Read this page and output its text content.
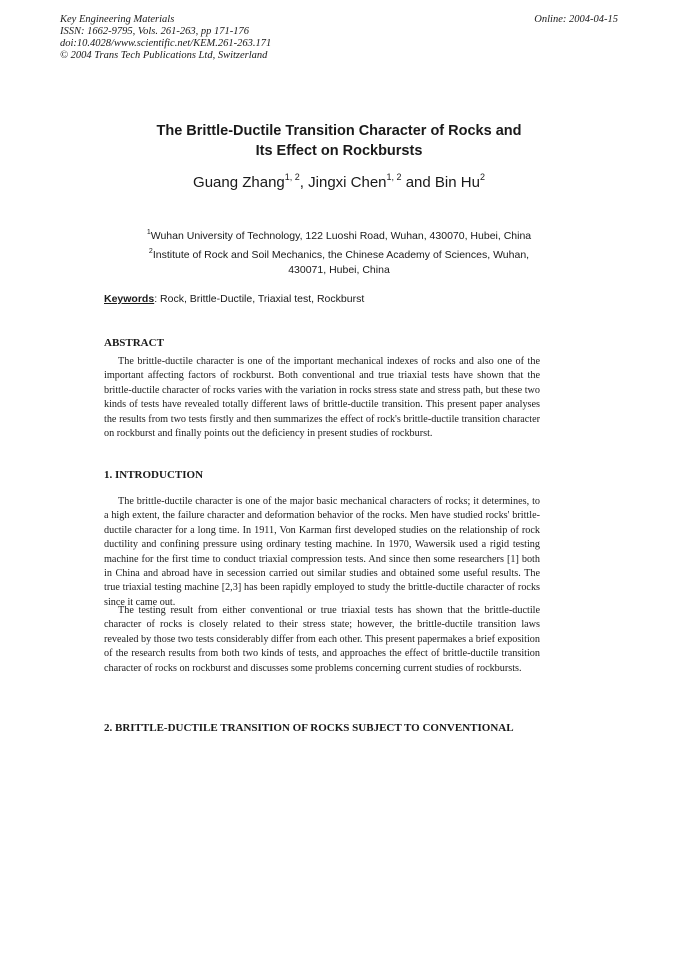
Key Engineering Materials
ISSN: 1662-9795, Vols. 261-263, pp 171-176
doi:10.4028/www.scientific.net/KEM.261-263.171
© 2004 Trans Tech Publications Ltd, Switzerland
Online: 2004-04-15
The Brittle-Ductile Transition Character of Rocks and
Its Effect on Rockbursts
Guang Zhang$^{1, 2}$, Jingxi Chen$^{1, 2}$ and Bin Hu$^2$
$^1$Wuhan University of Technology, 122 Luoshi Road, Wuhan, 430070, Hubei, China
$^2$Institute of Rock and Soil Mechanics, the Chinese Academy of Sciences, Wuhan,
430071, Hubei, China
Keywords: Rock, Brittle-Ductile, Triaxial test, Rockburst
ABSTRACT
The brittle-ductile character is one of the important mechanical indexes of rocks and also one of the important affecting factors of rockburst. Both conventional and true triaxial tests have shown that the brittle-ductile character of rocks varies with the variation in rocks stress state and stress path, but these two kinds of tests have revealed totally different laws of brittle-ductile transition. This present paper analyses the results from two tests firstly and then summarizes the effect of rock's brittle-ductile transition character on rockburst and finally points out the deficiency in present studies of rockburst.
1. INTRODUCTION
The brittle-ductile character is one of the major basic mechanical characters of rocks; it determines, to a high extent, the failure character and deformation behavior of the rocks. Men have studied rocks' brittle-ductile character for a long time. In 1911, Von Karman first developed studies on the relationship of rock ductility and confining pressure using ordinary testing machine. In 1970, Wawersik used a rigid testing machine for the first time to conduct triaxial compression tests. And since then some researchers [1] both in China and abroad have in secession carried out similar studies and obtained some useful results. The true triaxial testing machine [2,3] has been rapidly employed to study the brittle-ductile character of rocks since it came out.
The testing result from either conventional or true triaxial tests has shown that the brittle-ductile character of rocks is closely related to their stress state; however, the brittle-ductile transition laws revealed by those two tests considerably differ from each other. This present papermakes a brief exposition of the research results from both two kinds of tests, and approaches the effect of brittle-ductile transition character of rocks on rockburst and discusses some problems concerning current studies of rockbursts.
2. BRITTLE-DUCTILE TRANSITION OF ROCKS SUBJECT TO CONVENTIONAL
